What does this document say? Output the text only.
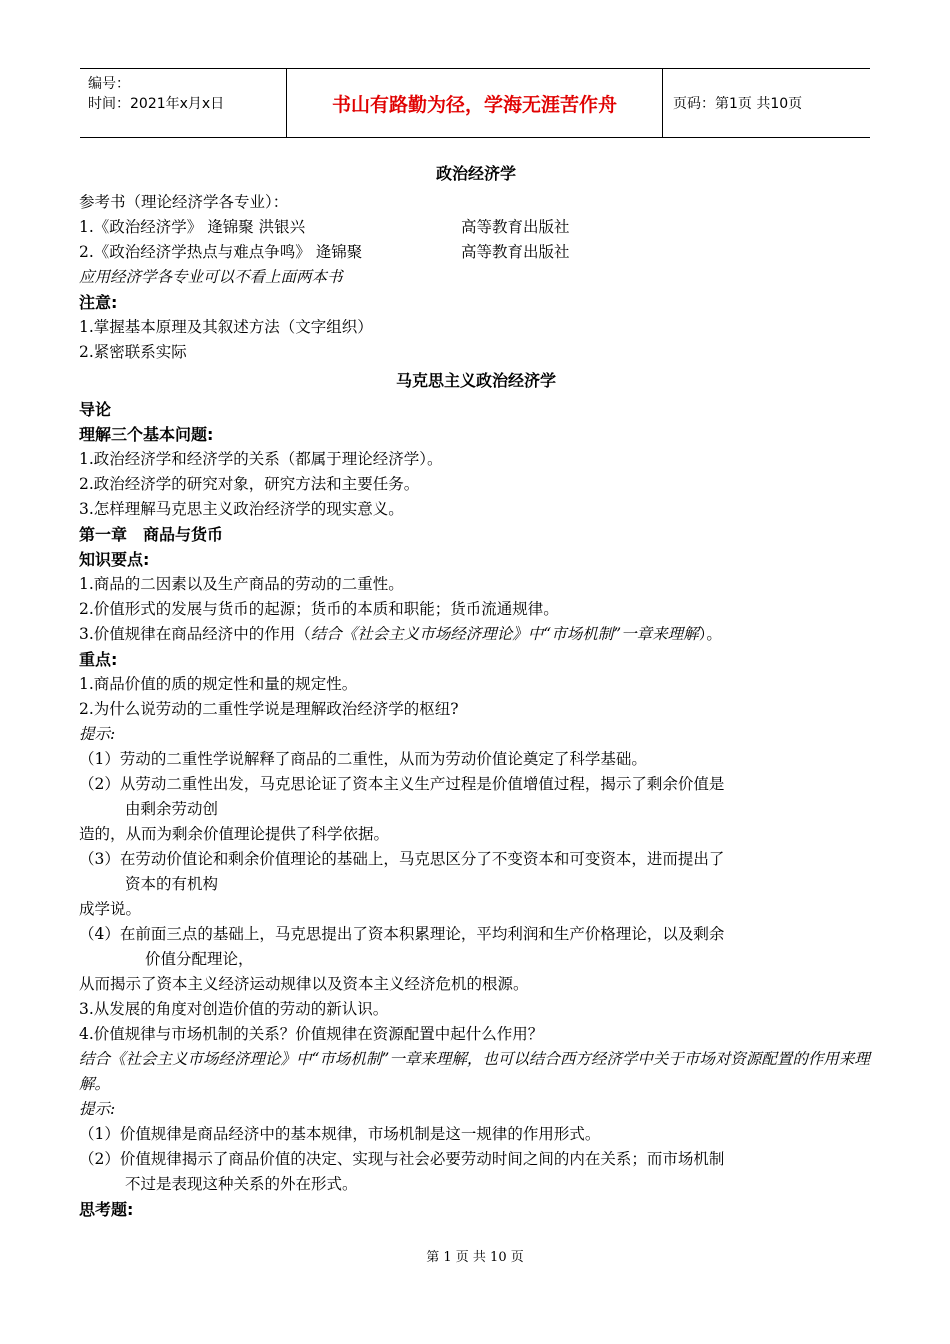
编号：
时间：2021年x月x日	书山有路勤为径，学海无涯苦作舟	页码：第1页 共10页
政治经济学
参考书（理论经济学各专业）：
1.《政治经济学》 逄锦聚 洪银兴	高等教育出版社
2.《政治经济学热点与难点争鸣》 逄锦聚	高等教育出版社
应用经济学各专业可以不看上面两本书
注意:
1.掌握基本原理及其叙述方法（文字组织）
2.紧密联系实际
马克思主义政治经济学
导论
理解三个基本问题:
1.政治经济学和经济学的关系（都属于理论经济学）。
2.政治经济学的研究对象，研究方法和主要任务。
3.怎样理解马克思主义政治经济学的现实意义。
第一章　商品与货币
知识要点:
1.商品的二因素以及生产商品的劳动的二重性。
2.价值形式的发展与货币的起源；货币的本质和职能；货币流通规律。
3.价值规律在商品经济中的作用（结合《社会主义市场经济理论》中“市场机制”一章来理解）。
重点:
1.商品价值的质的规定性和量的规定性。
2.为什么说劳动的二重性学说是理解政治经济学的枢纽?
提示:
（1）劳动的二重性学说解释了商品的二重性，从而为劳动价值论奠定了科学基础。
（2）从劳动二重性出发，马克思论证了资本主义生产过程是价值增值过程，揭示了剩余价值是
由剩余劳动创
造的，从而为剩余价值理论提供了科学依据。
（3）在劳动价值论和剩余价值理论的基础上，马克思区分了不变资本和可变资本，进而提出了
资本的有机构
成学说。
（4）在前面三点的基础上，马克思提出了资本积累理论，平均利润和生产价格理论，以及剩余
价值分配理论，
从而揭示了资本主义经济运动规律以及资本主义经济危机的根源。
3.从发展的角度对创造价值的劳动的新认识。
4.价值规律与市场机制的关系？价值规律在资源配置中起什么作用？
结合《社会主义市场经济理论》中“市场机制”一章来理解，也可以结合西方经济学中关于市场对资源配置的作用来理解。
提示:
（1）价值规律是商品经济中的基本规律，市场机制是这一规律的作用形式。
（2）价值规律揭示了商品价值的决定、实现与社会必要劳动时间之间的内在关系；而市场机制
不过是表现这种关系的外在形式。
思考题:
第 1 页 共 10 页
